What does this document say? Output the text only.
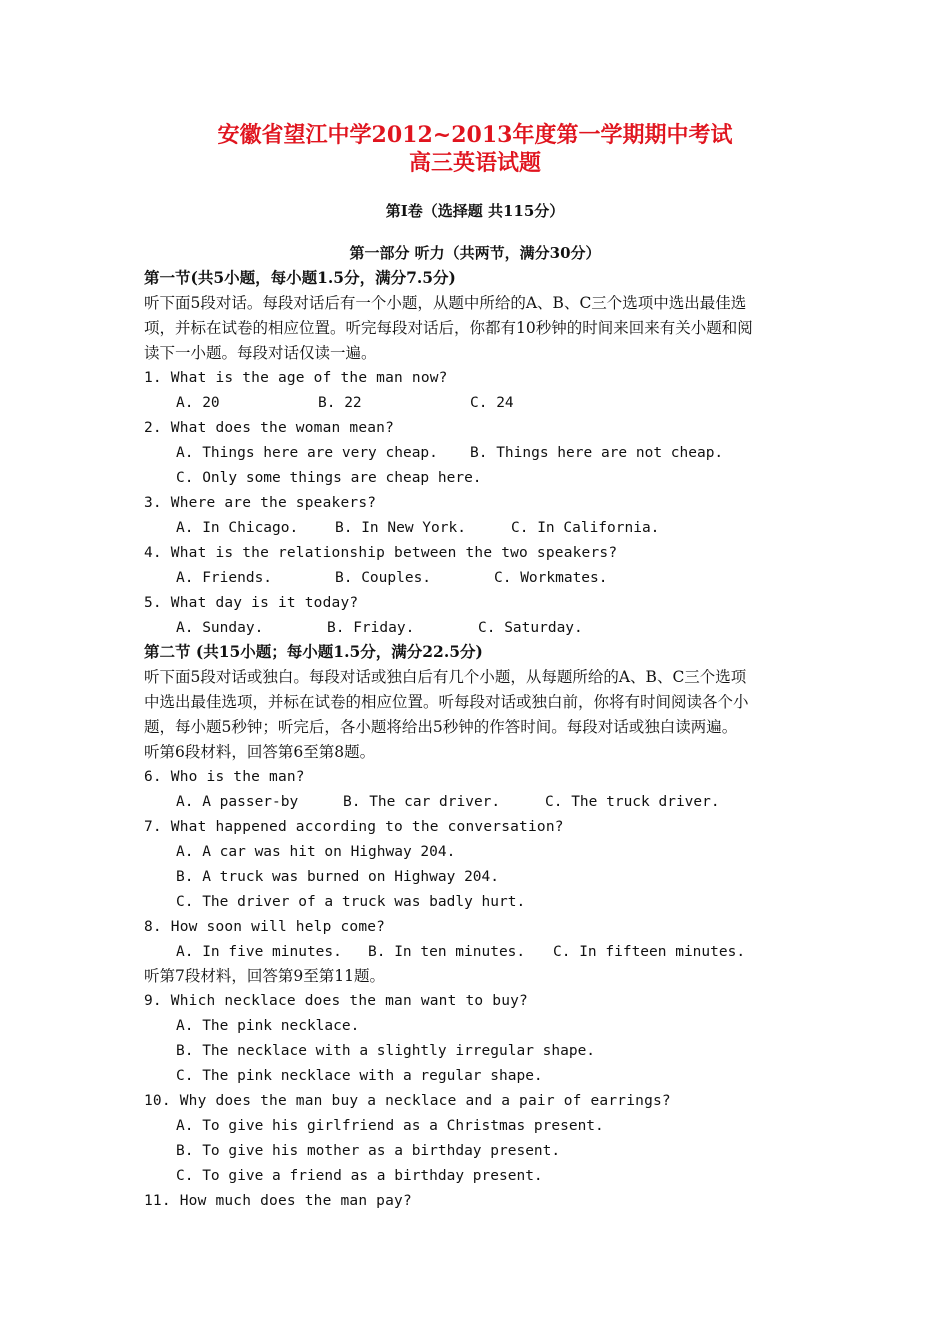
安徽省望江中学2012~2013年度第一学期期中考试
高三英语试题
第Ⅰ卷（选择题 共115分）
第一部分 听力（共两节，满分30分）
第一节(共5小题，每小题1.5分，满分7.5分)
听下面5段对话。每段对话后有一个小题，从题中所给的A、B、C三个选项中选出最佳选
项，并标在试卷的相应位置。听完每段对话后，你都有10秒钟的时间来回来有关小题和阅
读下一小题。每段对话仅读一遍。
1. What is the age of the man now?
A. 20	B. 22	C. 24
2. What does the woman mean?
A. Things here are very cheap. B. Things here are not cheap.
C. Only some things are cheap here.
3. Where are the speakers?
A. In Chicago.	B. In New York.	C. In California.
4. What is the relationship between the two speakers?
A. Friends.	B. Couples.	C. Workmates.
5. What day is it today?
A. Sunday.	B. Friday.	C. Saturday.
第二节 (共15小题；每小题1.5分，满分22.5分)
听下面5段对话或独白。每段对话或独白后有几个小题，从每题所给的A、B、C三个选项
中选出最佳选项，并标在试卷的相应位置。听每段对话或独白前，你将有时间阅读各个小
题，每小题5秒钟；听完后，各小题将给出5秒钟的作答时间。每段对话或独白读两遍。
听第6段材料，回答第6至第8题。
6. Who is the man?
A. A passer-by	B. The car driver.	C. The truck driver.
7. What happened according to the conversation?
A. A car was hit on Highway 204.
B. A truck was burned on Highway 204.
C. The driver of a truck was badly hurt.
8. How soon will help come?
A. In five minutes. B. In ten minutes. C. In fifteen minutes.
听第7段材料，回答第9至第11题。
9. Which necklace does the man want to buy?
A. The pink necklace.
B. The necklace with a slightly irregular shape.
C. The pink necklace with a regular shape.
10. Why does the man buy a necklace and a pair of earrings?
A. To give his girlfriend as a Christmas present.
B. To give his mother as a birthday present.
C. To give a friend as a birthday present.
11. How much does the man pay?
